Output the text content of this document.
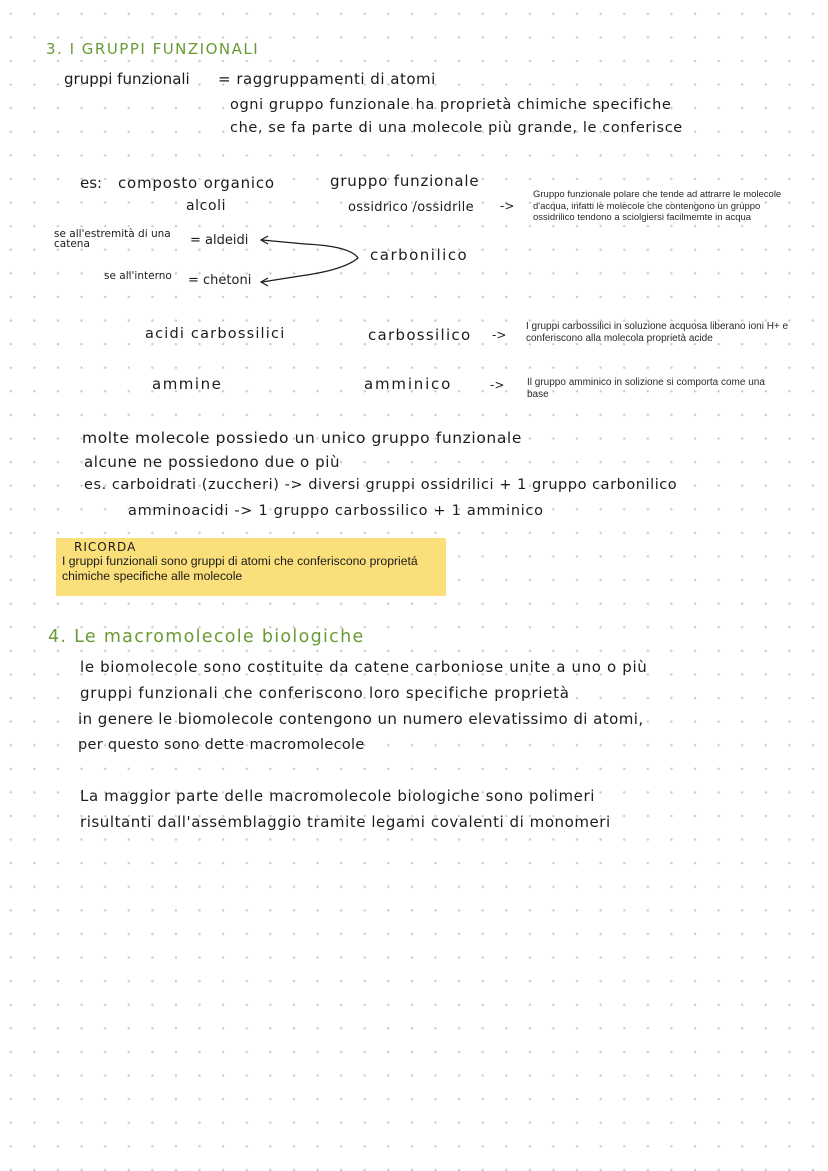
3. I GRUPPI FUNZIONALI
gruppi funzionali = raggruppamenti di atomi
ogni gruppo funzionale ha proprietà chimiche specifiche
che, se fa parte di una molecole più grande, le conferisce
es: composto organico	gruppo funzionale
alcoli	ossidrico /ossidrile ->
Gruppo funzionale polare che tende ad attrarre le molecole d'acqua, infatti le molecole che contengono un gruppo ossidrilico tendono a sciolgiersi facilmemte in acqua
se all'estremità di una catena	= aldeidi
se all'interno = chetoni
carbonilico
acidi carbossilici	carbossilico ->
I gruppi carbossilici in soluzione acquosa liberano ioni H+ e conferiscono alla molecola proprietà acide
ammine	amminico	-> Il gruppo amminico in solizione si comporta come una base
molte molecole possiedo un unico gruppo funzionale
alcune ne possiedono due o più
es. carboidrati (zuccheri) -> diversi gruppi ossidrilici + 1 gruppo carbonilico
amminoacidi -> 1 gruppo carbossilico + 1 amminico
RICORDA
I gruppi funzionali sono gruppi di atomi che conferiscono proprietá chimiche specifiche alle molecole
4. Le macromolecole biologiche
le biomolecole sono costituite da catene carboniose unite a uno o più
gruppi funzionali che conferiscono loro specifiche proprietà
in genere le biomolecole contengono un numero elevatissimo di atomi,
per questo sono dette macromolecole
La maggior parte delle macromolecole biologiche sono polimeri
risultanti dall'assemblaggio tramite legami covalenti di monomeri
